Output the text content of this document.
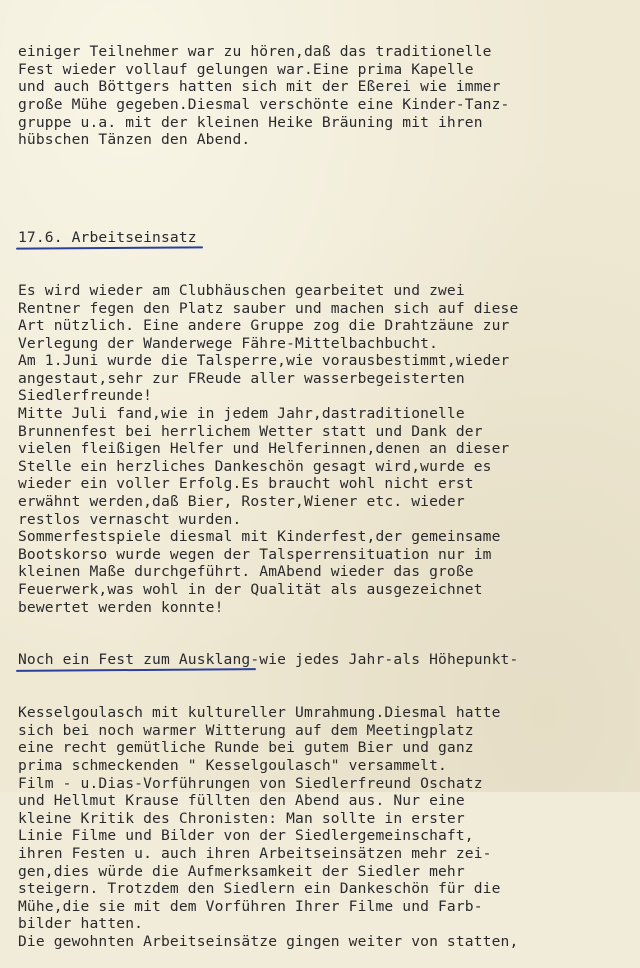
einiger Teilnehmer war zu hören,daß das traditionelle
Fest wieder vollauf gelungen war.Eine prima Kapelle
und auch Böttgers hatten sich mit der Eßerei wie immer
große Mühe gegeben.Diesmal verschönte eine Kinder-Tanz-
gruppe u.a. mit der kleinen Heike Bräuning mit ihren
hübschen Tänzen den Abend.

17.6. Arbeitseinsatz

Es wird wieder am Clubhäuschen gearbeitet und zwei
Rentner fegen den Platz sauber und machen sich auf diese
Art nützlich. Eine andere Gruppe zog die Drahtzäune zur
Verlegung der Wanderwege Fähre-Mittelbachbucht.
Am 1.Juni wurde die Talsperre,wie vorausbestimmt,wieder
angestaut,sehr zur FReude aller wasserbegeisterten
Siedlerfreunde!
Mitte Juli fand,wie in jedem Jahr,dastraditionelle
Brunnenfest bei herrlichem Wetter statt und Dank der
vielen fleißigen Helfer und Helferinnen,denen an dieser
Stelle ein herzliches Dankeschön gesagt wird,wurde es
wieder ein voller Erfolg.Es braucht wohl nicht erst
erwähnt werden,daß Bier, Roster,Wiener etc. wieder
restlos vernascht wurden.
Sommerfestspiele diesmal mit Kinderfest,der gemeinsame
Bootskorso wurde wegen der Talsperrensituation nur im
kleinen Maße durchgeführt. AmAbend wieder das große
Feuerwerk,was wohl in der Qualität als ausgezeichnet
bewertet werden konnte!

Noch ein Fest zum Ausklang-wie jedes Jahr-als Höhepunkt-

Kesselgoulasch mit kultureller Umrahmung.Diesmal hatte
sich bei noch warmer Witterung auf dem Meetingplatz
eine recht gemütliche Runde bei gutem Bier und ganz
prima schmeckenden " Kesselgoulasch" versammelt.
Film - u.Dias-Vorführungen von Siedlerfreund Oschatz
und Hellmut Krause füllten den Abend aus. Nur eine
kleine Kritik des Chronisten: Man sollte in erster
Linie Filme und Bilder von der Siedlergemeinschaft,
ihren Festen u. auch ihren Arbeitseinsätzen mehr zei-
gen,dies würde die Aufmerksamkeit der Siedler mehr
steigern. Trotzdem den Siedlern ein Dankeschön für die
Mühe,die sie mit dem Vorführen Ihrer Filme und Farb-
bilder hatten.
Die gewohnten Arbeitseinsätze gingen weiter von statten,
